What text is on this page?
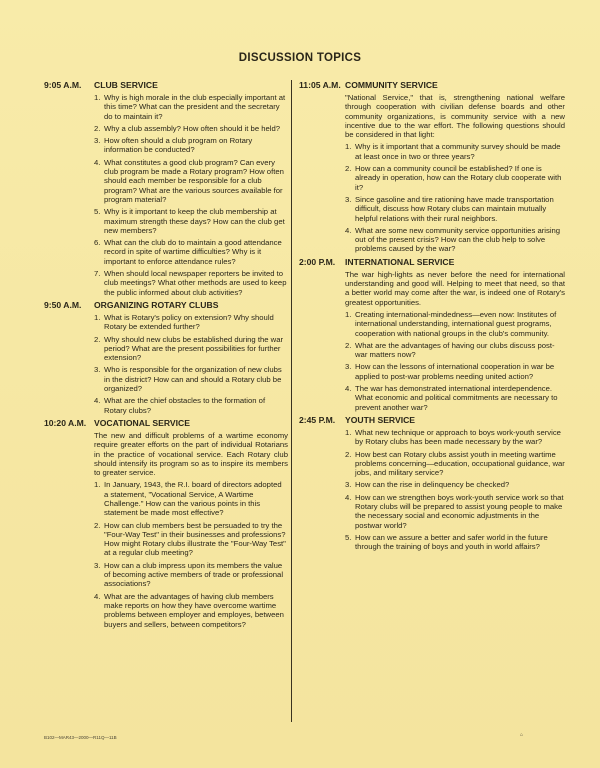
DISCUSSION TOPICS
9:05 A.M.	CLUB SERVICE
1. Why is high morale in the club especially important at this time? What can the president and the secretary do to maintain it?
2. Why a club assembly? How often should it be held?
3. How often should a club program on Rotary information be conducted?
4. What constitutes a good club program? Can every club program be made a Rotary program? How often should each member be responsible for a club program? What are the various sources available for program material?
5. Why is it important to keep the club membership at maximum strength these days? How can the club get new members?
6. What can the club do to maintain a good attendance record in spite of wartime difficulties? Why is it important to enforce attendance rules?
7. When should local newspaper reporters be invited to club meetings? What other methods are used to keep the public informed about club activities?
9:50 A.M.	ORGANIZING ROTARY CLUBS
1. What is Rotary's policy on extension? Why should Rotary be extended further?
2. Why should new clubs be established during the war period? What are the present possibilities for further extension?
3. Who is responsible for the organization of new clubs in the district? How can and should a Rotary club be organized?
4. What are the chief obstacles to the formation of Rotary clubs?
10:20 A.M. VOCATIONAL SERVICE
The new and difficult problems of a wartime economy require greater efforts on the part of individual Rotarians in the practice of vocational service. Each Rotary club should intensify its program so as to inspire its members to greater service.
1. In January, 1943, the R.I. board of directors adopted a statement, "Vocational Service, A Wartime Challenge." How can the various points in this statement be made most effective?
2. How can club members best be persuaded to try the "Four-Way Test" in their businesses and professions? How might Rotary clubs illustrate the "Four-Way Test" at a regular club meeting?
3. How can a club impress upon its members the value of becoming active members of trade or professional associations?
4. What are the advantages of having club members make reports on how they have overcome wartime problems between employer and employes, between buyers and sellers, between competitors?
11:05 A.M. COMMUNITY SERVICE
"National Service," that is, strengthening national welfare through cooperation with civilian defense boards and other community organizations, is community service with a new incentive due to the war effort. The following questions should be considered in that light:
1. Why is it important that a community survey should be made at least once in two or three years?
2. How can a community council be established? If one is already in operation, how can the Rotary club cooperate with it?
3. Since gasoline and tire rationing have made transportation difficult, discuss how Rotary clubs can maintain mutually helpful relations with their rural neighbors.
4. What are some new community service opportunities arising out of the present crisis? How can the club help to solve problems caused by the war?
2:00 P.M.	INTERNATIONAL SERVICE
The war high-lights as never before the need for international understanding and good will. Helping to meet that need, so that a better world may come after the war, is indeed one of Rotary's greatest opportunities.
1. Creating international-mindedness—even now: Institutes of international understanding, international guest programs, cooperation with national groups in the club's community.
2. What are the advantages of having our clubs discuss post-war matters now?
3. How can the lessons of international cooperation in war be applied to post-war problems needing united action?
4. The war has demonstrated international interdependence. What economic and political commitments are necessary to prevent another war?
2:45 P.M.	YOUTH SERVICE
1. What new technique or approach to boys work-youth service by Rotary clubs has been made necessary by the war?
2. How best can Rotary clubs assist youth in meeting wartime problems concerning—education, occupational guidance, war jobs, and military service?
3. How can the rise in delinquency be checked?
4. How can we strengthen boys work-youth service work so that Rotary clubs will be prepared to assist young people to make the necessary social and economic adjustments in the postwar world?
5. How can we assure a better and safer world in the future through the training of boys and youth in world affairs?
B102—MAR43—2000—R11Q—11B	⌂
